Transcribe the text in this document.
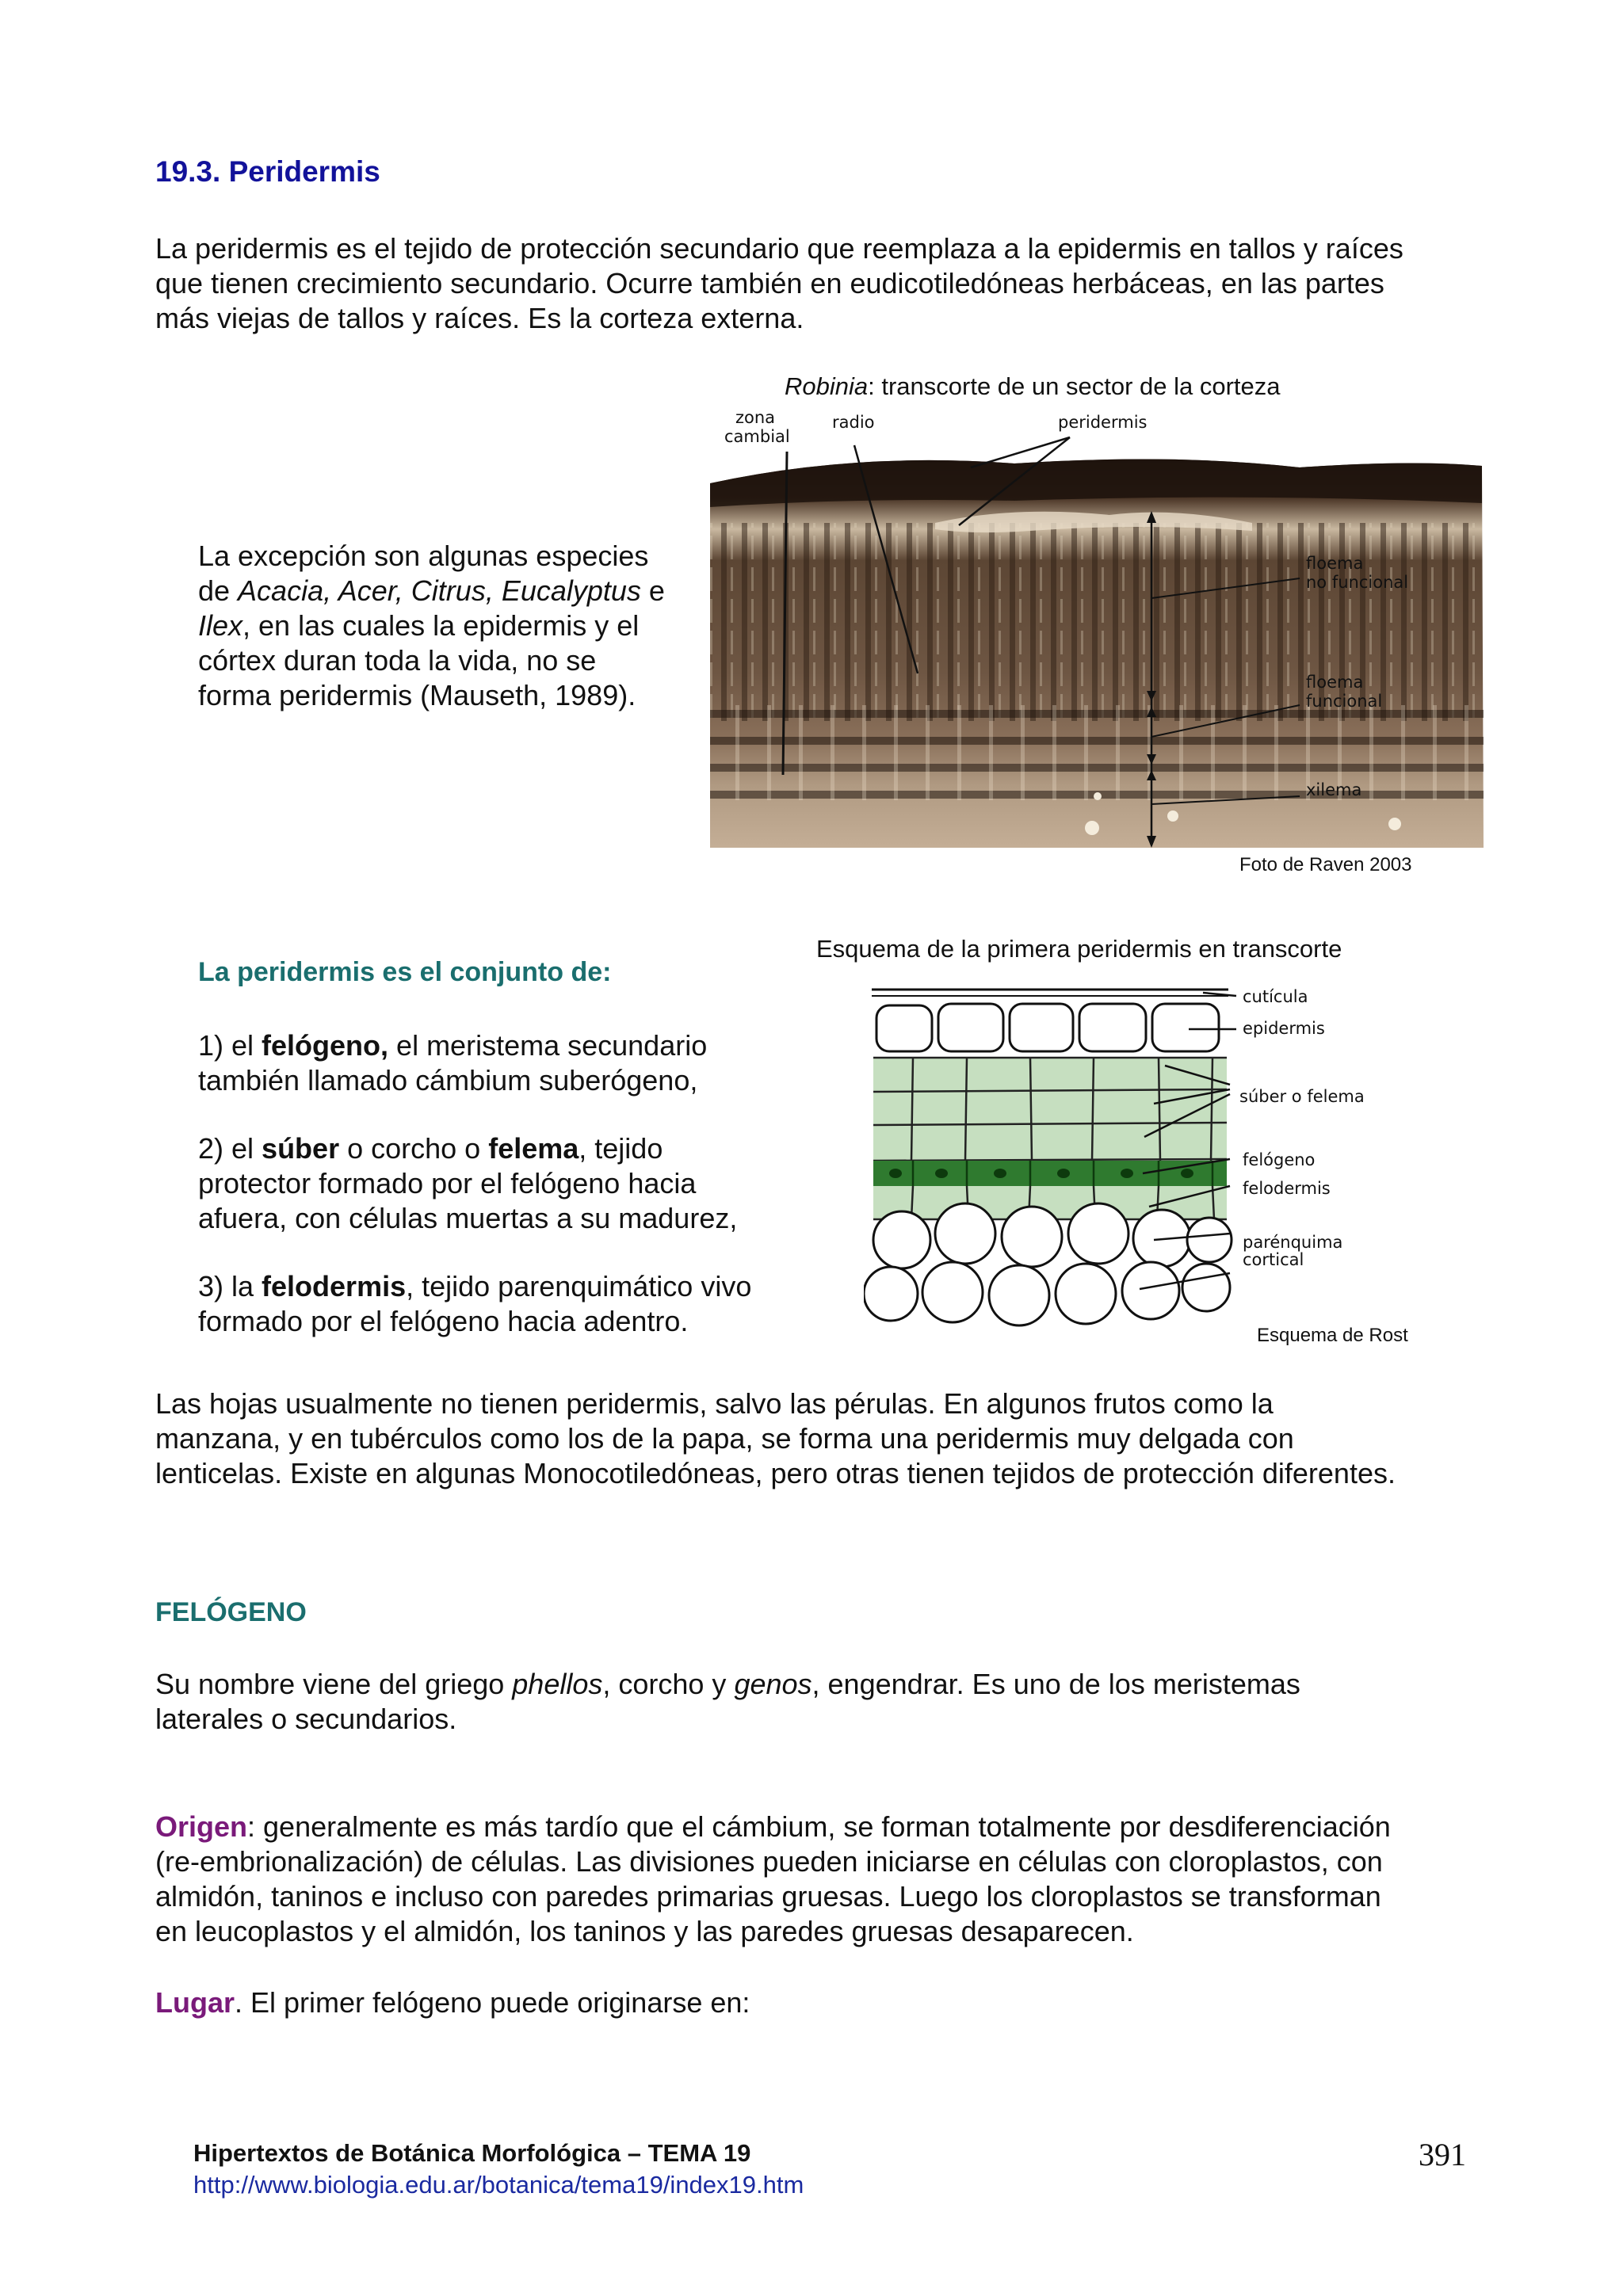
19.3. Peridermis
La peridermis es el tejido de protección secundario que reemplaza a la epidermis en tallos y raíces
que tienen crecimiento secundario. Ocurre también en eudicotiledóneas herbáceas, en las partes
más viejas de tallos y raíces. Es la corteza externa.
Robinia: transcorte de un sector de la corteza
zona
cambial
radio	peridermis
floema
no funcional
floema
funcional
xilema
Foto de Raven 2003
La excepción son algunas especies
de Acacia, Acer, Citrus, Eucalyptus e
Ilex, en las cuales la epidermis y el
córtex duran toda la vida, no se
forma peridermis (Mauseth, 1989).
La peridermis es el conjunto de:
1) el felógeno, el meristema secundario
también llamado cámbium suberógeno,
2) el súber o corcho o felema, tejido
protector formado por el felógeno hacia
afuera, con células muertas a su madurez,
3) la felodermis, tejido parenquimático vivo
formado por el felógeno hacia adentro.
Esquema de la primera peridermis en transcorte
cutícula
epidermis
súber o felema
felógeno
felodermis
parénquima
cortical
Esquema de Rost
Las hojas usualmente no tienen peridermis, salvo las pérulas. En algunos frutos como la
manzana, y en tubérculos como los de la papa, se forma una peridermis muy delgada con
lenticelas. Existe en algunas Monocotiledóneas, pero otras tienen tejidos de protección diferentes.
FELÓGENO
Su nombre viene del griego phellos, corcho y genos, engendrar. Es uno de los meristemas
laterales o secundarios.
Origen: generalmente es más tardío que el cámbium, se forman totalmente por desdiferenciación
(re-embrionalización) de células. Las divisiones pueden iniciarse en células con cloroplastos, con
almidón, taninos e incluso con paredes primarias gruesas. Luego los cloroplastos se transforman
en leucoplastos y el almidón, los taninos y las paredes gruesas desaparecen.
Lugar. El primer felógeno puede originarse en:
Hipertextos de Botánica Morfológica – TEMA 19
http://www.biologia.edu.ar/botanica/tema19/index19.htm
391
